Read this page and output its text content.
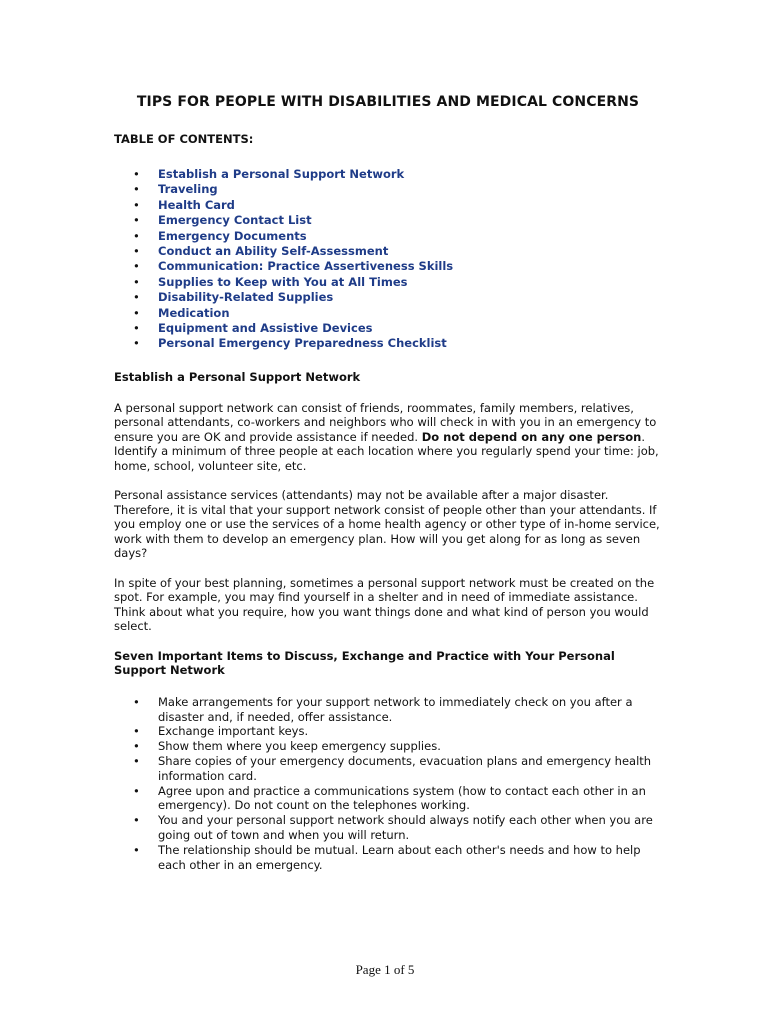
TIPS FOR PEOPLE WITH DISABILITIES AND MEDICAL CONCERNS
TABLE OF CONTENTS:
• Establish a Personal Support Network
• Traveling
• Health Card
• Emergency Contact List
• Emergency Documents
• Conduct an Ability Self-Assessment
• Communication: Practice Assertiveness Skills
• Supplies to Keep with You at All Times
• Disability-Related Supplies
• Medication
• Equipment and Assistive Devices
• Personal Emergency Preparedness Checklist
Establish a Personal Support Network

A personal support network can consist of friends, roommates, family members, relatives, personal attendants, co-workers and neighbors who will check in with you in an emergency to ensure you are OK and provide assistance if needed. Do not depend on any one person. Identify a minimum of three people at each location where you regularly spend your time: job, home, school, volunteer site, etc.

Personal assistance services (attendants) may not be available after a major disaster. Therefore, it is vital that your support network consist of people other than your attendants. If you employ one or use the services of a home health agency or other type of in-home service, work with them to develop an emergency plan. How will you get along for as long as seven days?

In spite of your best planning, sometimes a personal support network must be created on the spot. For example, you may find yourself in a shelter and in need of immediate assistance. Think about what you require, how you want things done and what kind of person you would select.

Seven Important Items to Discuss, Exchange and Practice with Your Personal Support Network
• Make arrangements for your support network to immediately check on you after a disaster and, if needed, offer assistance.
• Exchange important keys.
• Show them where you keep emergency supplies.
• Share copies of your emergency documents, evacuation plans and emergency health information card.
• Agree upon and practice a communications system (how to contact each other in an emergency). Do not count on the telephones working.
• You and your personal support network should always notify each other when you are going out of town and when you will return.
• The relationship should be mutual. Learn about each other's needs and how to help each other in an emergency.
Page 1 of 5
